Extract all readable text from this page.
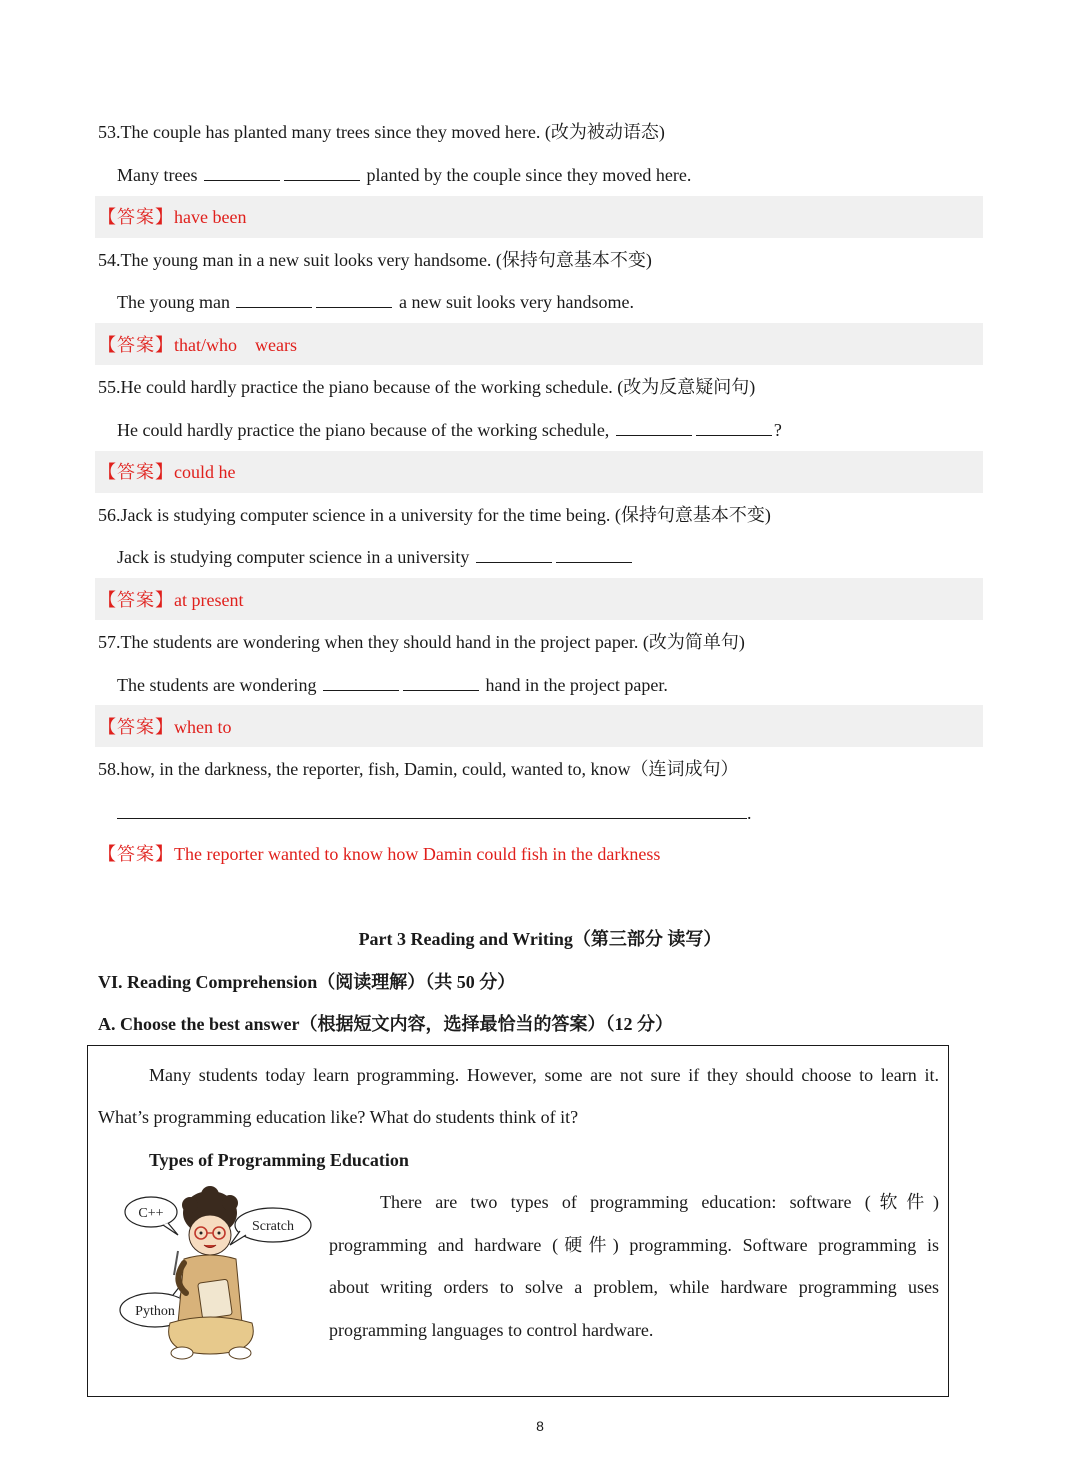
53.The couple has planted many trees since they moved here. (改为被动语态)
Many trees	planted by the couple since they moved here.
【答案】have been
54.The young man in a new suit looks very handsome. (保持句意基本不变)
The young man	a new suit looks very handsome.
【答案】that/who    wears
55.He could hardly practice the piano because of the working schedule. (改为反意疑问句)
He could hardly practice the piano because of the working schedule,	?
【答案】could he
56.Jack is studying computer science in a university for the time being. (保持句意基本不变)
Jack is studying computer science in a university
【答案】at present
57.The students are wondering when they should hand in the project paper. (改为简单句)
The students are wondering	hand in the project paper.
【答案】when to
58.how, in the darkness, the reporter, fish, Damin, could, wanted to, know（连词成句）
.
【答案】The reporter wanted to know how Damin could fish in the darkness
Part 3 Reading and Writing（第三部分 读写）
VI. Reading Comprehension（阅读理解）（共 50 分）
A. Choose the best answer（根据短文内容，选择最恰当的答案）（12 分）
Many students today learn programming. However, some are not sure if they should choose to learn it.
What’s programming education like? What do students think of it?
Types of Programming Education
There are two types of programming education: software (软件)
programming and hardware (硬件) programming. Software programming is
about writing orders to solve a problem, while hardware programming uses
programming languages to control hardware.
C++
Scratch
Python
8
